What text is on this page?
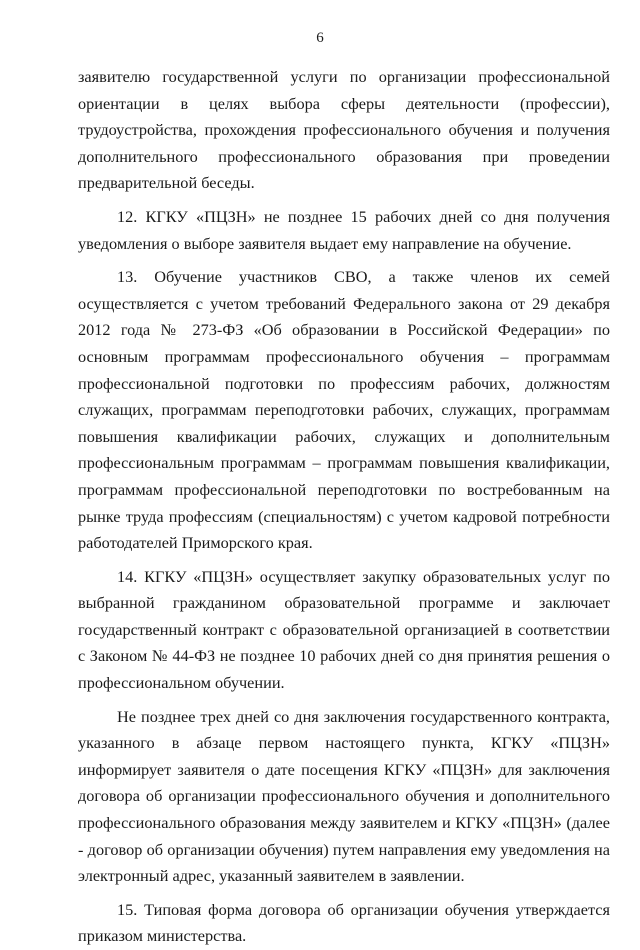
6

заявителю государственной услуги по организации профессиональной ориентации в целях выбора сферы деятельности (профессии), трудоустройства, прохождения профессионального обучения и получения дополнительного профессионального образования при проведении предварительной беседы.

12. КГКУ «ПЦЗН» не позднее 15 рабочих дней со дня получения уведомления о выборе заявителя выдает ему направление на обучение.

13. Обучение участников СВО, а также членов их семей осуществляется с учетом требований Федерального закона от 29 декабря 2012 года № 273-ФЗ «Об образовании в Российской Федерации» по основным программам профессионального обучения – программам профессиональной подготовки по профессиям рабочих, должностям служащих, программам переподготовки рабочих, служащих, программам повышения квалификации рабочих, служащих и дополнительным профессиональным программам – программам повышения квалификации, программам профессиональной переподготовки по востребованным на рынке труда профессиям (специальностям) с учетом кадровой потребности работодателей Приморского края.

14. КГКУ «ПЦЗН» осуществляет закупку образовательных услуг по выбранной гражданином образовательной программе и заключает государственный контракт с образовательной организацией в соответствии с Законом № 44-ФЗ не позднее 10 рабочих дней со дня принятия решения о профессиональном обучении.

Не позднее трех дней со дня заключения государственного контракта, указанного в абзаце первом настоящего пункта, КГКУ «ПЦЗН» информирует заявителя о дате посещения КГКУ «ПЦЗН» для заключения договора об организации профессионального обучения и дополнительного профессионального образования между заявителем и КГКУ «ПЦЗН» (далее - договор об организации обучения) путем направления ему уведомления на электронный адрес, указанный заявителем в заявлении.

15. Типовая форма договора об организации обучения утверждается приказом министерства.
